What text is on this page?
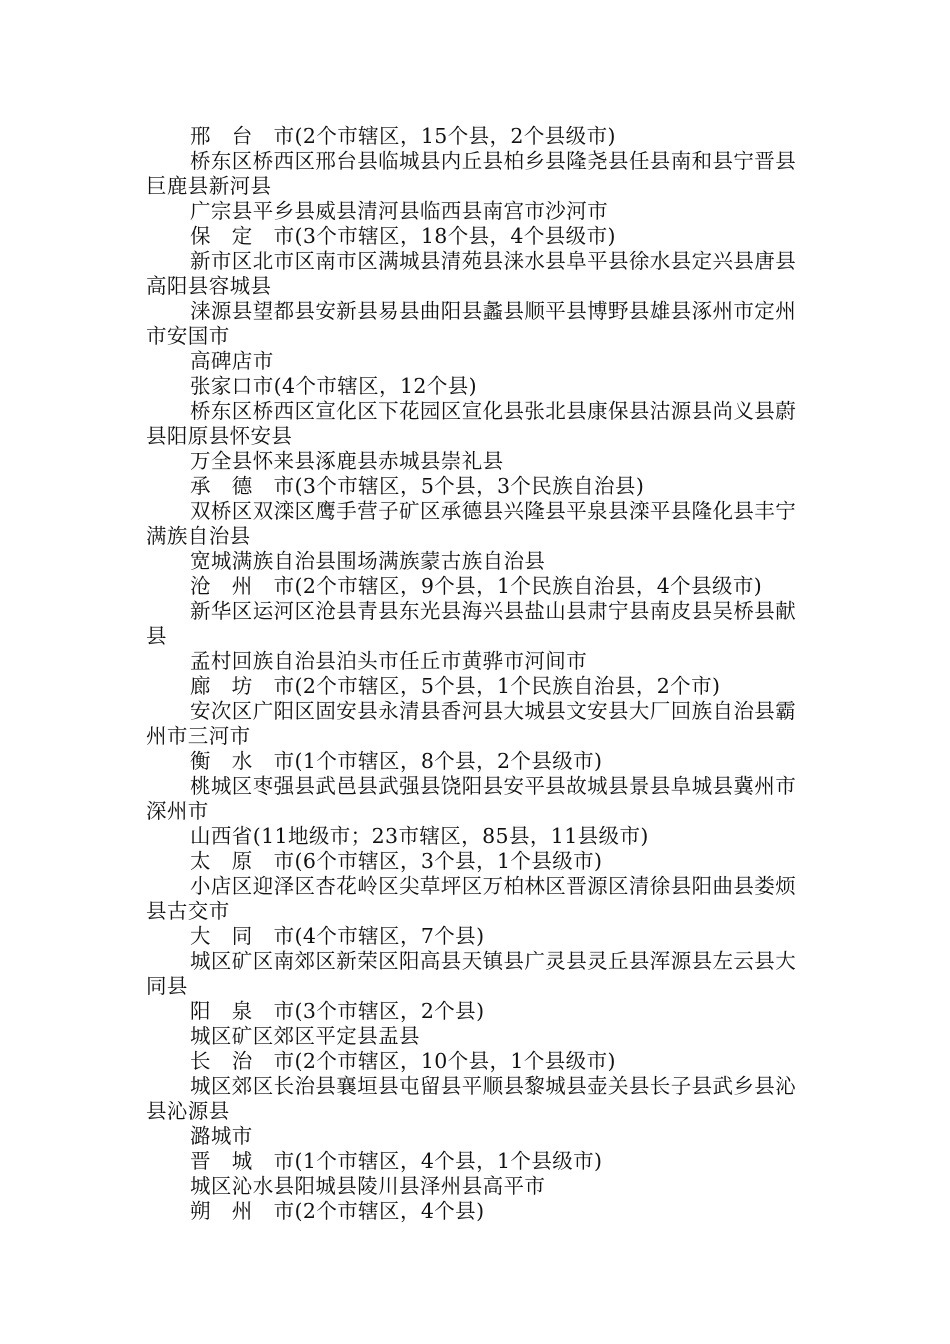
邢　台　市(2个市辖区，15个县，2个县级市)

桥东区桥西区邢台县临城县内丘县柏乡县隆尧县任县南和县宁晋县巨鹿县新河县

广宗县平乡县威县清河县临西县南宫市沙河市

保　定　市(3个市辖区，18个县，4个县级市)

新市区北市区南市区满城县清苑县涞水县阜平县徐水县定兴县唐县高阳县容城县

涞源县望都县安新县易县曲阳县蠡县顺平县博野县雄县涿州市定州市安国市

高碑店市

张家口市(4个市辖区，12个县)

桥东区桥西区宣化区下花园区宣化县张北县康保县沽源县尚义县蔚县阳原县怀安县

万全县怀来县涿鹿县赤城县崇礼县

承　德　市(3个市辖区，5个县，3个民族自治县)

双桥区双滦区鹰手营子矿区承德县兴隆县平泉县滦平县隆化县丰宁满族自治县

宽城满族自治县围场满族蒙古族自治县

沧　州　市(2个市辖区，9个县，1个民族自治县，4个县级市)

新华区运河区沧县青县东光县海兴县盐山县肃宁县南皮县吴桥县献县

孟村回族自治县泊头市任丘市黄骅市河间市

廊　坊　市(2个市辖区，5个县，1个民族自治县，2个市)

安次区广阳区固安县永清县香河县大城县文安县大厂回族自治县霸州市三河市

衡　水　市(1个市辖区，8个县，2个县级市)

桃城区枣强县武邑县武强县饶阳县安平县故城县景县阜城县冀州市深州市

山西省(11地级市；23市辖区，85县，11县级市)

太　原　市(6个市辖区，3个县，1个县级市)

小店区迎泽区杏花岭区尖草坪区万柏林区晋源区清徐县阳曲县娄烦县古交市

大　同　市(4个市辖区，7个县)

城区矿区南郊区新荣区阳高县天镇县广灵县灵丘县浑源县左云县大同县

阳　泉　市(3个市辖区，2个县)

城区矿区郊区平定县盂县

长　治　市(2个市辖区，10个县，1个县级市)

城区郊区长治县襄垣县屯留县平顺县黎城县壶关县长子县武乡县沁县沁源县

潞城市

晋　城　市(1个市辖区，4个县，1个县级市)

城区沁水县阳城县陵川县泽州县高平市

朔　州　市(2个市辖区，4个县)
